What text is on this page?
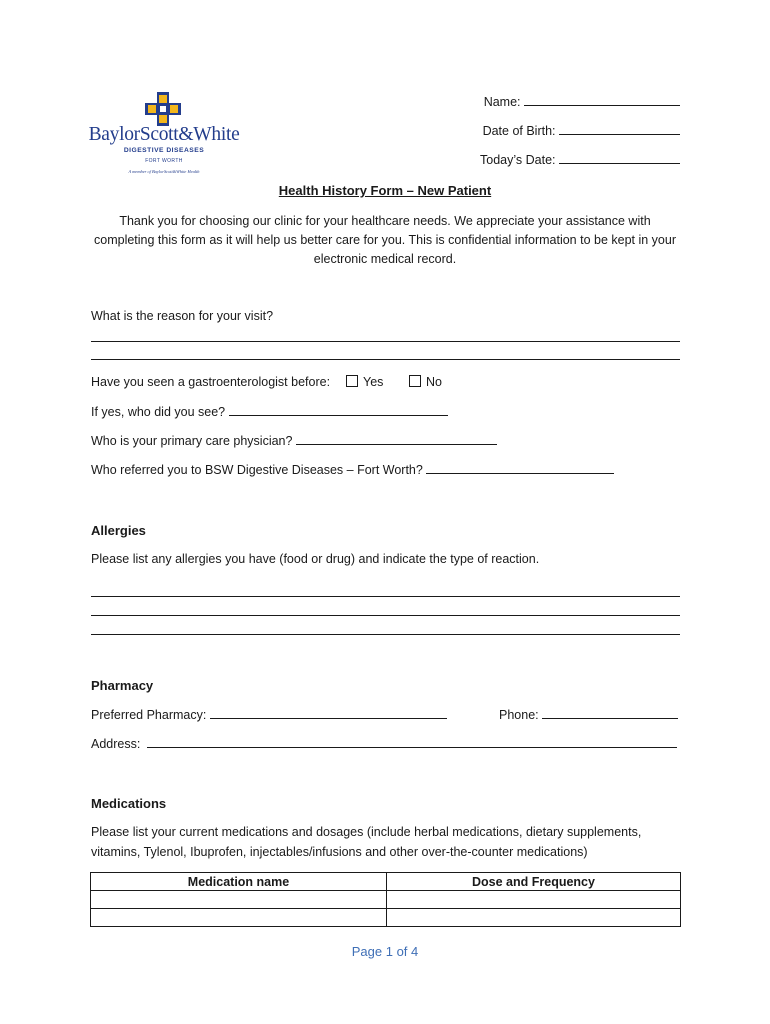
BaylorScott&White
DIGESTIVE DISEASES
FORT WORTH
A member of BaylorScott&White Health
Name:
Date of Birth:
Today’s Date:
Health History Form – New Patient
Thank you for choosing our clinic for your healthcare needs. We appreciate your assistance with completing this form as it will help us better care for you. This is confidential information to be kept in your electronic medical record.
What is the reason for your visit?
Have you seen a gastroenterologist before:	Yes	No
If yes, who did you see?
Who is your primary care physician?
Who referred you to BSW Digestive Diseases – Fort Worth?
Allergies
Please list any allergies you have (food or drug) and indicate the type of reaction.
Pharmacy
Preferred Pharmacy:	Phone:
Address:
Medications
Please list your current medications and dosages (include herbal medications, dietary supplements,
vitamins, Tylenol, Ibuprofen, injectables/infusions and other over-the-counter medications)
Medication name	Dose and Frequency

Page 1 of 4
